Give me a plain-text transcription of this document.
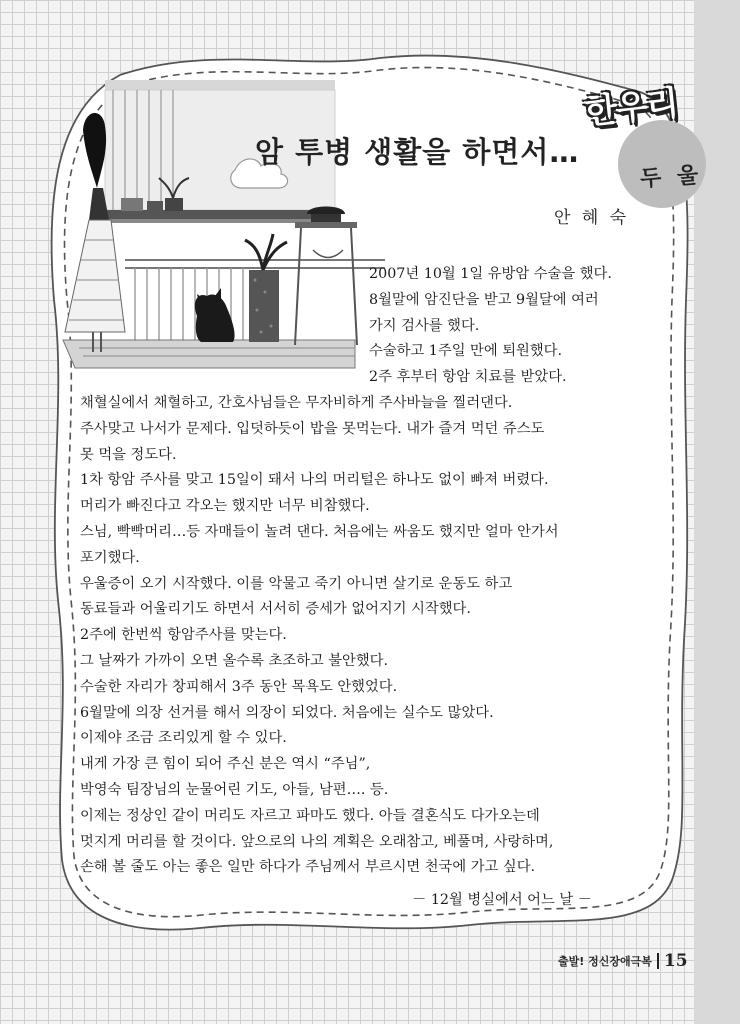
한우리
두 울
암 투병 생활을 하면서…
안 혜 숙
2007년 10월 1일 유방암 수술을 했다.
8월말에 암진단을 받고 9월달에 여러
가지 검사를 했다.
수술하고 1주일 만에 퇴원했다.
2주 후부터 항암 치료를 받았다.
채혈실에서 채혈하고, 간호사님들은 무자비하게 주사바늘을 찔러댄다.
주사맞고 나서가 문제다. 입덧하듯이 밥을 못먹는다. 내가 즐겨 먹던 쥬스도
못 먹을 정도다.
1차 항암 주사를 맞고 15일이 돼서 나의 머리털은 하나도 없이 빠져 버렸다.
머리가 빠진다고 각오는 했지만 너무 비참했다.
스님, 빡빡머리…등 자매들이 놀려 댄다. 처음에는 싸움도 했지만 얼마 안가서
포기했다.
우울증이 오기 시작했다. 이를 악물고 죽기 아니면 살기로 운동도 하고
동료들과 어울리기도 하면서 서서히 증세가 없어지기 시작했다.
2주에 한번씩 항암주사를 맞는다.
그 날짜가 가까이 오면 올수록 초조하고 불안했다.
수술한 자리가 창피해서 3주 동안 목욕도 안했었다.
6월말에 의장 선거를 해서 의장이 되었다. 처음에는 실수도 많았다.
이제야 조금 조리있게 할 수 있다.
내게 가장 큰 힘이 되어 주신 분은 역시 “주님”,
박영숙 팀장님의 눈물어린 기도, 아들, 남편…. 등.
이제는 정상인 같이 머리도 자르고 파마도 했다. 아들 결혼식도 다가오는데
멋지게 머리를 할 것이다. 앞으로의 나의 계획은 오래참고, 베풀며, 사랑하며,
손해 볼 줄도 아는 좋은 일만 하다가 주님께서 부르시면 천국에 가고 싶다.
－ 12월 병실에서 어느 날 －
출발! 정신장애극복 15
